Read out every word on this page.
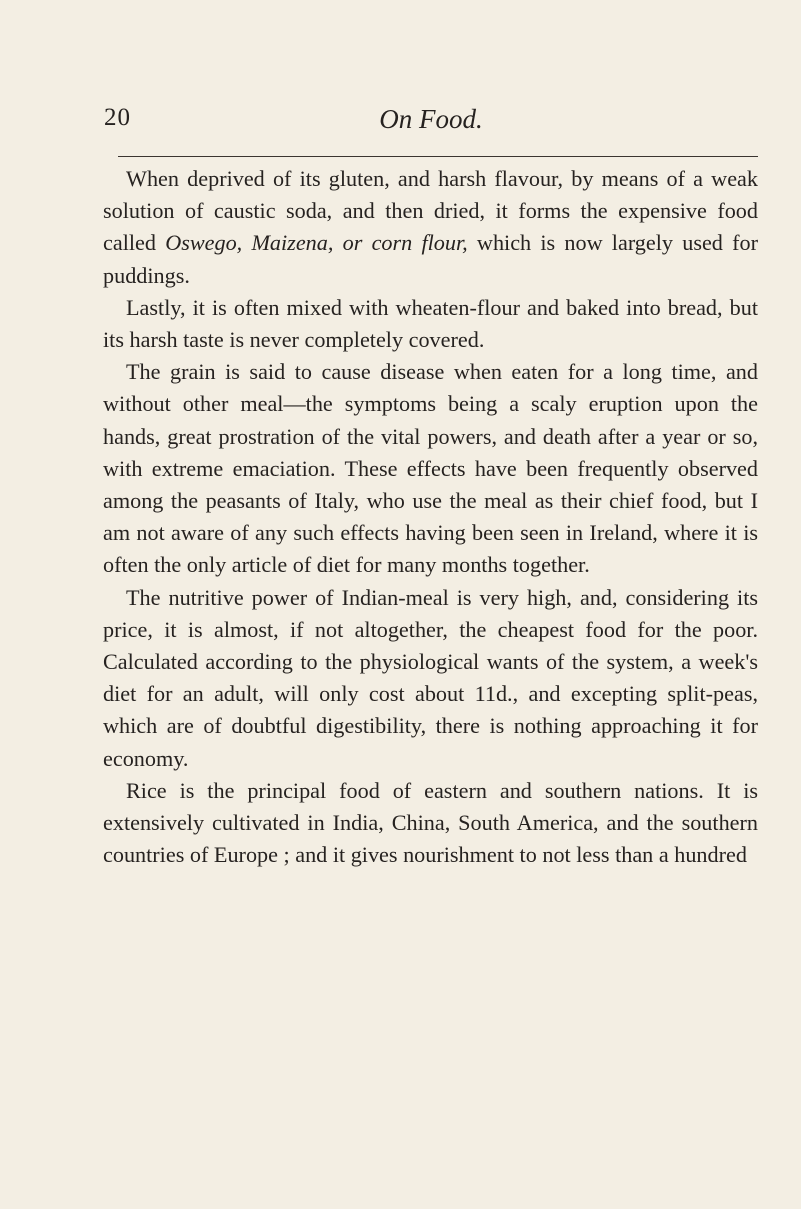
20	On Food.

When deprived of its gluten, and harsh flavour, by means of a weak solution of caustic soda, and then dried, it forms the expensive food called Oswego, Maizena, or corn flour, which is now largely used for puddings.

Lastly, it is often mixed with wheaten-flour and baked into bread, but its harsh taste is never completely covered.

The grain is said to cause disease when eaten for a long time, and without other meal—the symptoms being a scaly eruption upon the hands, great prostration of the vital powers, and death after a year or so, with extreme emaciation. These effects have been frequently observed among the peasants of Italy, who use the meal as their chief food, but I am not aware of any such effects having been seen in Ireland, where it is often the only article of diet for many months together.

The nutritive power of Indian-meal is very high, and, considering its price, it is almost, if not altogether, the cheapest food for the poor. Calculated according to the physiological wants of the system, a week's diet for an adult, will only cost about 11d., and excepting split-peas, which are of doubtful digestibility, there is nothing approaching it for economy.

Rice is the principal food of eastern and southern nations. It is extensively cultivated in India, China, South America, and the southern countries of Europe ; and it gives nourishment to not less than a hundred
